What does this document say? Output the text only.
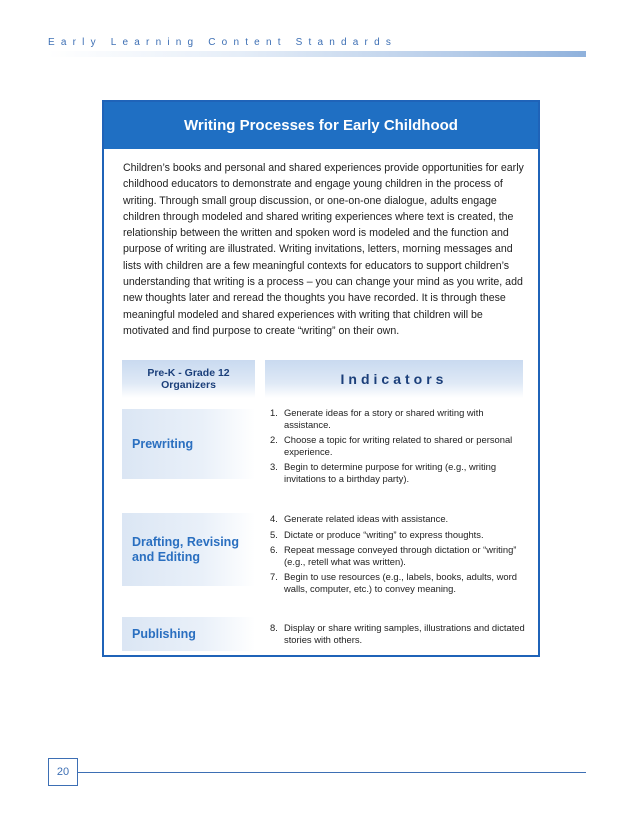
Early Learning Content Standards
Writing Processes for Early Childhood

Children’s books and personal and shared experiences provide opportunities for early childhood educators to demonstrate and engage young children in the process of writing. Through small group discussion, or one-on-one dialogue, adults engage children through modeled and shared writing experiences where text is created, the relationship between the written and spoken word is modeled and the function and purpose of writing are illustrated. Writing invitations, letters, morning messages and lists with children are a few meaningful contexts for educators to support children’s understanding that writing is a process – you can change your mind as you write, add new thoughts later and reread the thoughts you have recorded. It is through these meaningful modeled and shared experiences with writing that children will be motivated and find purpose to create “writing” on their own.

Pre-K - Grade 12
Organizers	Indicators
Prewriting
1. Generate ideas for a story or shared writing with assistance.
2. Choose a topic for writing related to shared or personal experience.
3. Begin to determine purpose for writing (e.g., writing invitations to a birthday party).
Drafting, Revising
and Editing
4. Generate related ideas with assistance.
5. Dictate or produce “writing” to express thoughts.
6. Repeat message conveyed through dictation or “writing” (e.g., retell what was written).
7. Begin to use resources (e.g., labels, books, adults, word walls, computer, etc.) to convey meaning.
Publishing	8. Display or share writing samples, illustrations and dictated stories with others.
20
